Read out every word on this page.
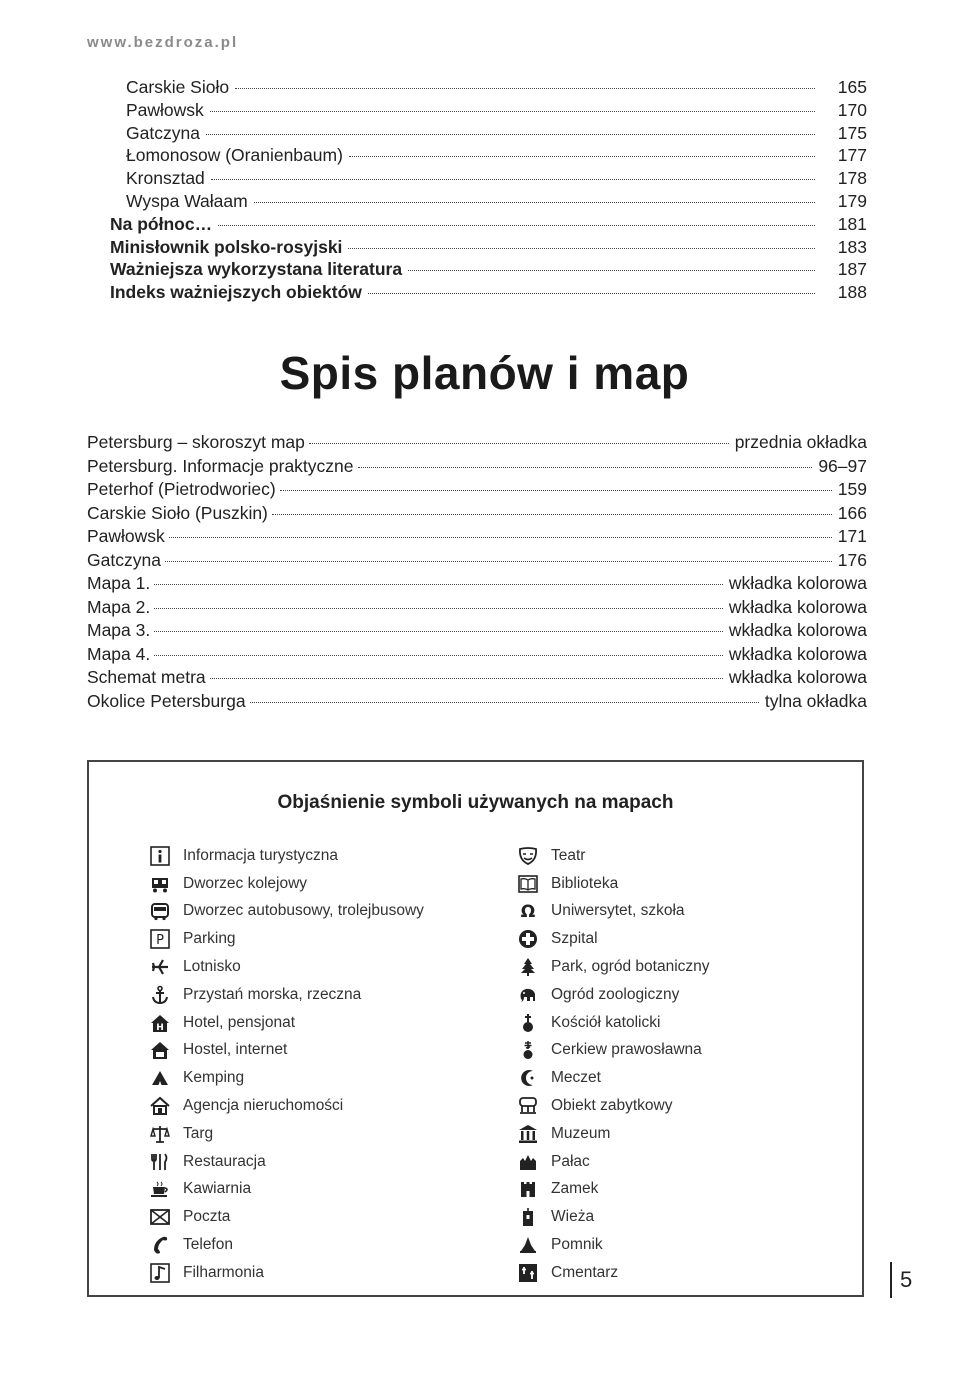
www.bezdroza.pl
Carskie Sioło	165
Pawłowsk	170
Gatczyna	175
Łomonosow (Oranienbaum)	177
Kronsztad	178
Wyspa Wałaam	179
Na północ…	181
Minisłownik polsko-rosyjski	183
Ważniejsza wykorzystana literatura	187
Indeks ważniejszych obiektów	188
Spis planów i map
Petersburg – skoroszyt map	przednia okładka
Petersburg. Informacje praktyczne	96–97
Peterhof (Pietrodworiec)	159
Carskie Sioło (Puszkin)	166
Pawłowsk	171
Gatczyna	176
Mapa 1.	wkładka kolorowa
Mapa 2.	wkładka kolorowa
Mapa 3.	wkładka kolorowa
Mapa 4.	wkładka kolorowa
Schemat metra	wkładka kolorowa
Okolice Petersburga	tylna okładka
Objaśnienie symboli używanych na mapach
Informacja turystyczna
Dworzec kolejowy
Dworzec autobusowy, trolejbusowy
P Parking
Lotnisko
Przystań morska, rzeczna
H Hotel, pensjonat
Hostel, internet
Kemping
Agencja nieruchomości
Targ
Restauracja
Kawiarnia
Poczta
Telefon
Filharmonia
Teatr
Biblioteka
Ω Uniwersytet, szkoła
Szpital
Park, ogród botaniczny
Ogród zoologiczny
Kościół katolicki
Cerkiew prawosławna
Meczet
Obiekt zabytkowy
Muzeum
Pałac
Zamek
Wieża
Pomnik
Cmentarz	5
